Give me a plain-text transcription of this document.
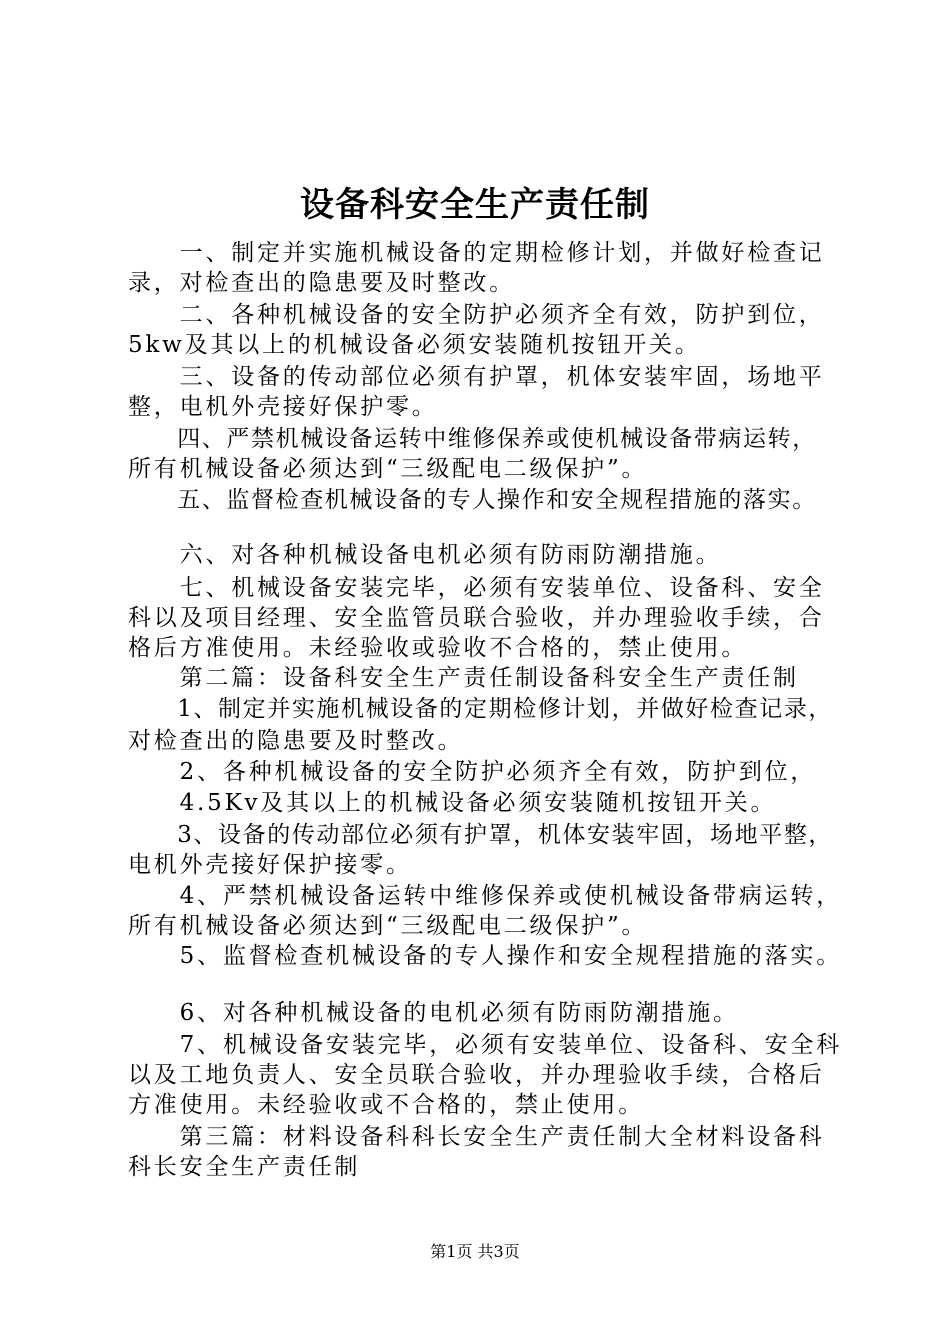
设备科安全生产责任制
　　一、制定并实施机械设备的定期检修计划，并做好检查记
录，对检查出的隐患要及时整改。
　　二、各种机械设备的安全防护必须齐全有效，防护到位，
5kw及其以上的机械设备必须安装随机按钮开关。
　　三、设备的传动部位必须有护罩，机体安装牢固，场地平
整，电机外壳接好保护零。
　　四、严禁机械设备运转中维修保养或使机械设备带病运转，
所有机械设备必须达到“三级配电二级保护”。
　　五、监督检查机械设备的专人操作和安全规程措施的落实。
　　六、对各种机械设备电机必须有防雨防潮措施。
　　七、机械设备安装完毕，必须有安装单位、设备科、安全
科以及项目经理、安全监管员联合验收，并办理验收手续，合
格后方准使用。未经验收或验收不合格的，禁止使用。
　　第二篇：设备科安全生产责任制设备科安全生产责任制
　　1、制定并实施机械设备的定期检修计划，并做好检查记录，
对检查出的隐患要及时整改。
　　2、各种机械设备的安全防护必须齐全有效，防护到位，
　　4.5Kv及其以上的机械设备必须安装随机按钮开关。
　　3、设备的传动部位必须有护罩，机体安装牢固，场地平整，
电机外壳接好保护接零。
　　4、严禁机械设备运转中维修保养或使机械设备带病运转，
所有机械设备必须达到“三级配电二级保护”。
　　5、监督检查机械设备的专人操作和安全规程措施的落实。
　　6、对各种机械设备的电机必须有防雨防潮措施。
　　7、机械设备安装完毕，必须有安装单位、设备科、安全科
以及工地负责人、安全员联合验收，并办理验收手续，合格后
方准使用。未经验收或不合格的，禁止使用。
　　第三篇：材料设备科科长安全生产责任制大全材料设备科
科长安全生产责任制
第1页 共3页
